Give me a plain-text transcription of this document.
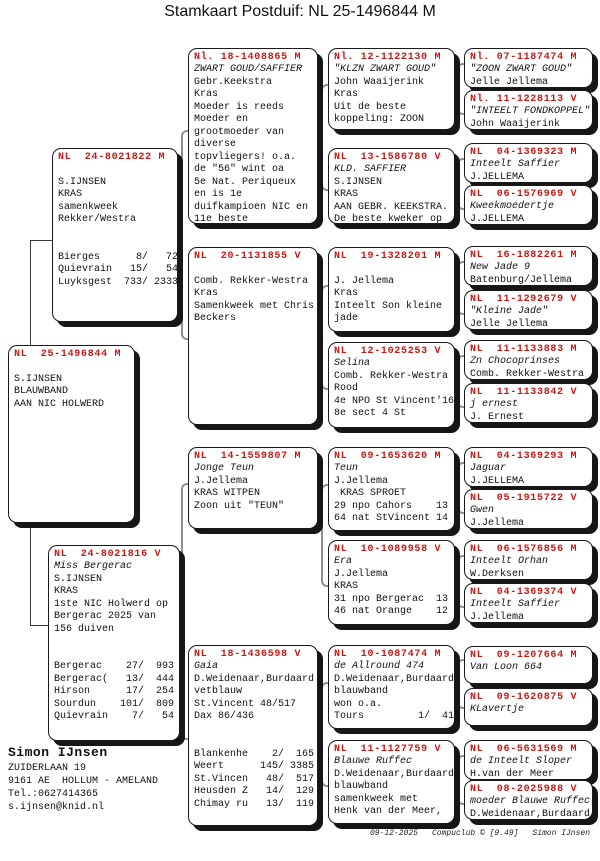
Stamkaart Postduif: NL 25-1496844 M
NL  24-8021822 M
S.IJNSEN
KRAS
samenkweek
Rekker/Westra
Bierges      8/   72
Quievrain   15/   54
Luyksgest  733/ 2333
NL  25-1496844 M
S.IJNSEN
BLAUWBAND
AAN NIC HOLWERD
NL  24-8021816 V
Miss Bergerac
S.IJNSEN
KRAS
1ste NIC Holwerd op
Bergerac 2025 van
156 duiven
Bergerac    27/  993
Bergerac(   13/  444
Hirson      17/  254
Sourdun    101/  809
Quievrain    7/   54
Nl. 18-1408865 M
ZWART GOUD/SAFFIER
Gebr.Keekstra
Kras
Moeder is reeds
Moeder en
grootmoeder van
diverse
topvliegers! o.a.
de "56" wint oa
5e Nat. Periqueux
en is 1e
duifkampioen NIC en
11e beste
NL  20-1131855 V
Comb. Rekker-Westra
Kras
Samenkweek met Chris
Beckers
NL  14-1559807 M
Jonge Teun
J.Jellema
KRAS WITPEN
Zoon uit "TEUN"
NL  18-1436598 V
Gaia
D.Weidenaar,Burdaard
vetblauw
St.Vincent 48/517
Dax 86/436
Blankenhe    2/  165
Weert      145/ 3385
St.Vincen   48/  517
Heusden Z   14/  129
Chimay ru   13/  119
Nl. 12-1122130 M
"KLZN ZWART GOUD"
John Waaijerink
Kras
Uit de beste
koppeling: ZOON
NL  13-1586780 V
KLD. SAFFIER
S.IJNSEN
KRAS
AAN GEBR. KEEKSTRA.
De beste kweker op
NL  19-1328201 M
J. Jellema
Kras
Inteelt Son kleine
jade
NL  12-1025253 V
Selina
Comb. Rekker-Westra
Rood
4e NPO St Vincent'16
8e sect 4 St
NL  09-1653620 M
Teun
J.Jellema
KRAS SPROET
29 npo Cahors    13
64 nat StVincent 14
NL  10-1089958 V
Era
J.Jellema
KRAS
31 npo Bergerac  13
46 nat Orange    12
NL  10-1087474 M
de Allround 474
D.Weidenaar,Burdaard
blauwband
won o.a.
Tours         1/  41
NL  11-1127759 V
Blauwe Ruffec
D.Weidenaar,Burdaard
blauwband
samenkweek met
Henk van der Meer,
Nl. 07-1187474 M
"ZOON ZWART GOUD"
Jelle Jellema
Nl. 11-1228113 V
"INTEELT FONDKOPPEL"
John Waaijerink
NL  04-1369323 M
Inteelt Saffier
J.JELLEMA
NL  06-1576969 V
Kweekmoedertje
J.JELLEMA
NL  16-1882261 M
New Jade 9
Batenburg/Jellema
NL  11-1292679 V
"Kleine Jade"
Jelle Jellema
NL  11-1133883 M
Zn Chocoprinses
Comb. Rekker-Westra
NL  11-1133842 V
j ernest
J. Ernest
NL  04-1369293 M
Jaguar
J.JELLEMA
NL  05-1915722 V
Gwen
J.Jellema
NL  06-1576856 M
Inteelt Orhan
W.Derksen
NL  04-1369374 V
Inteelt Saffier
J.Jellema
NL  09-1207664 M
Van Loon 664
NL  09-1620875 V
KLavertje
NL  06-5631569 M
de Inteelt Sloper
H.van der Meer
NL  08-2025988 V
moeder Blauwe Ruffec
D.Weidenaar,Burdaard
Simon IJnsen
ZUIDERLAAN 19
9161 AE  HOLLUM - AMELAND
Tel.:0627414365
s.ijnsen@knid.nl
09-12-2025 Compuclub © [9.49] Simon IJnsen
